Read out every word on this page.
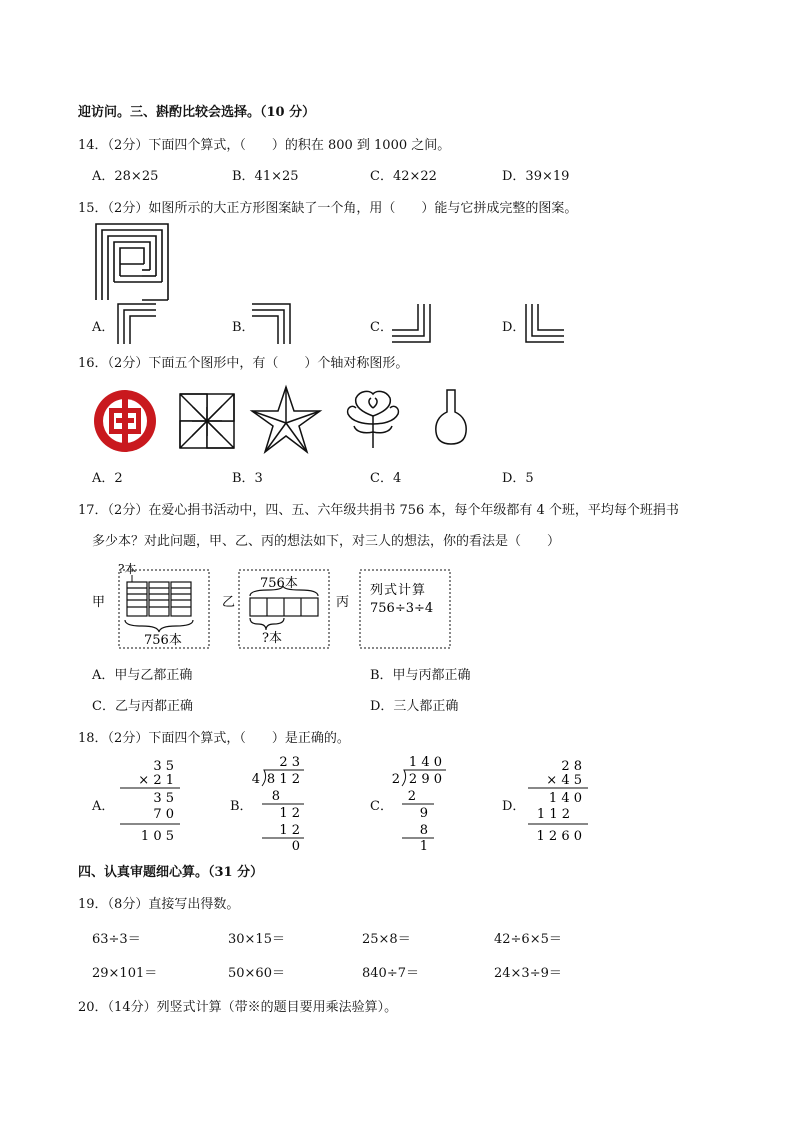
迎访问。三、斟酌比较会选择。（10 分）
14．（2分）下面四个算式，（　　）的积在 800 到 1000 之间。
A．28×25	B．41×25	C．42×22	D．39×19
15．（2分）如图所示的大正方形图案缺了一个角，用（　　）能与它拼成完整的图案。
A．	B．	C．	D．
16．（2分）下面五个图形中，有（　　）个轴对称图形。
A．2	B．3	C．4	D．5
17．（2分）在爱心捐书活动中，四、五、六年级共捐书 756 本，每个年级都有 4 个班，平均每个班捐书
多少本？对此问题，甲、乙、丙的想法如下，对三人的想法，你的看法是（　　）
甲
?本
756本
乙
756本
?本
丙
列式计算
756÷3÷4
A．甲与乙都正确	B．甲与丙都正确
C．乙与丙都正确	D．三人都正确
18．（2分）下面四个算式，（　　）是正确的。
A．
3 5
× 2 1
3 5
7 0
1 0 5
B．
2 3
4 8 1 2
8
1 2
1 2
0
C．
1 4 0
2 2 9 0
2
9
8
1
D．
2 8
× 4 5
1 4 0
1 1 2
1 2 6 0
四、认真审题细心算。（31 分）
19．（8分）直接写出得数。
63÷3＝	30×15＝	25×8＝	42÷6×5＝
29×101＝	50×60＝	840÷7＝	24×3÷9＝
20．（14分）列竖式计算（带※的题目要用乘法验算）。
